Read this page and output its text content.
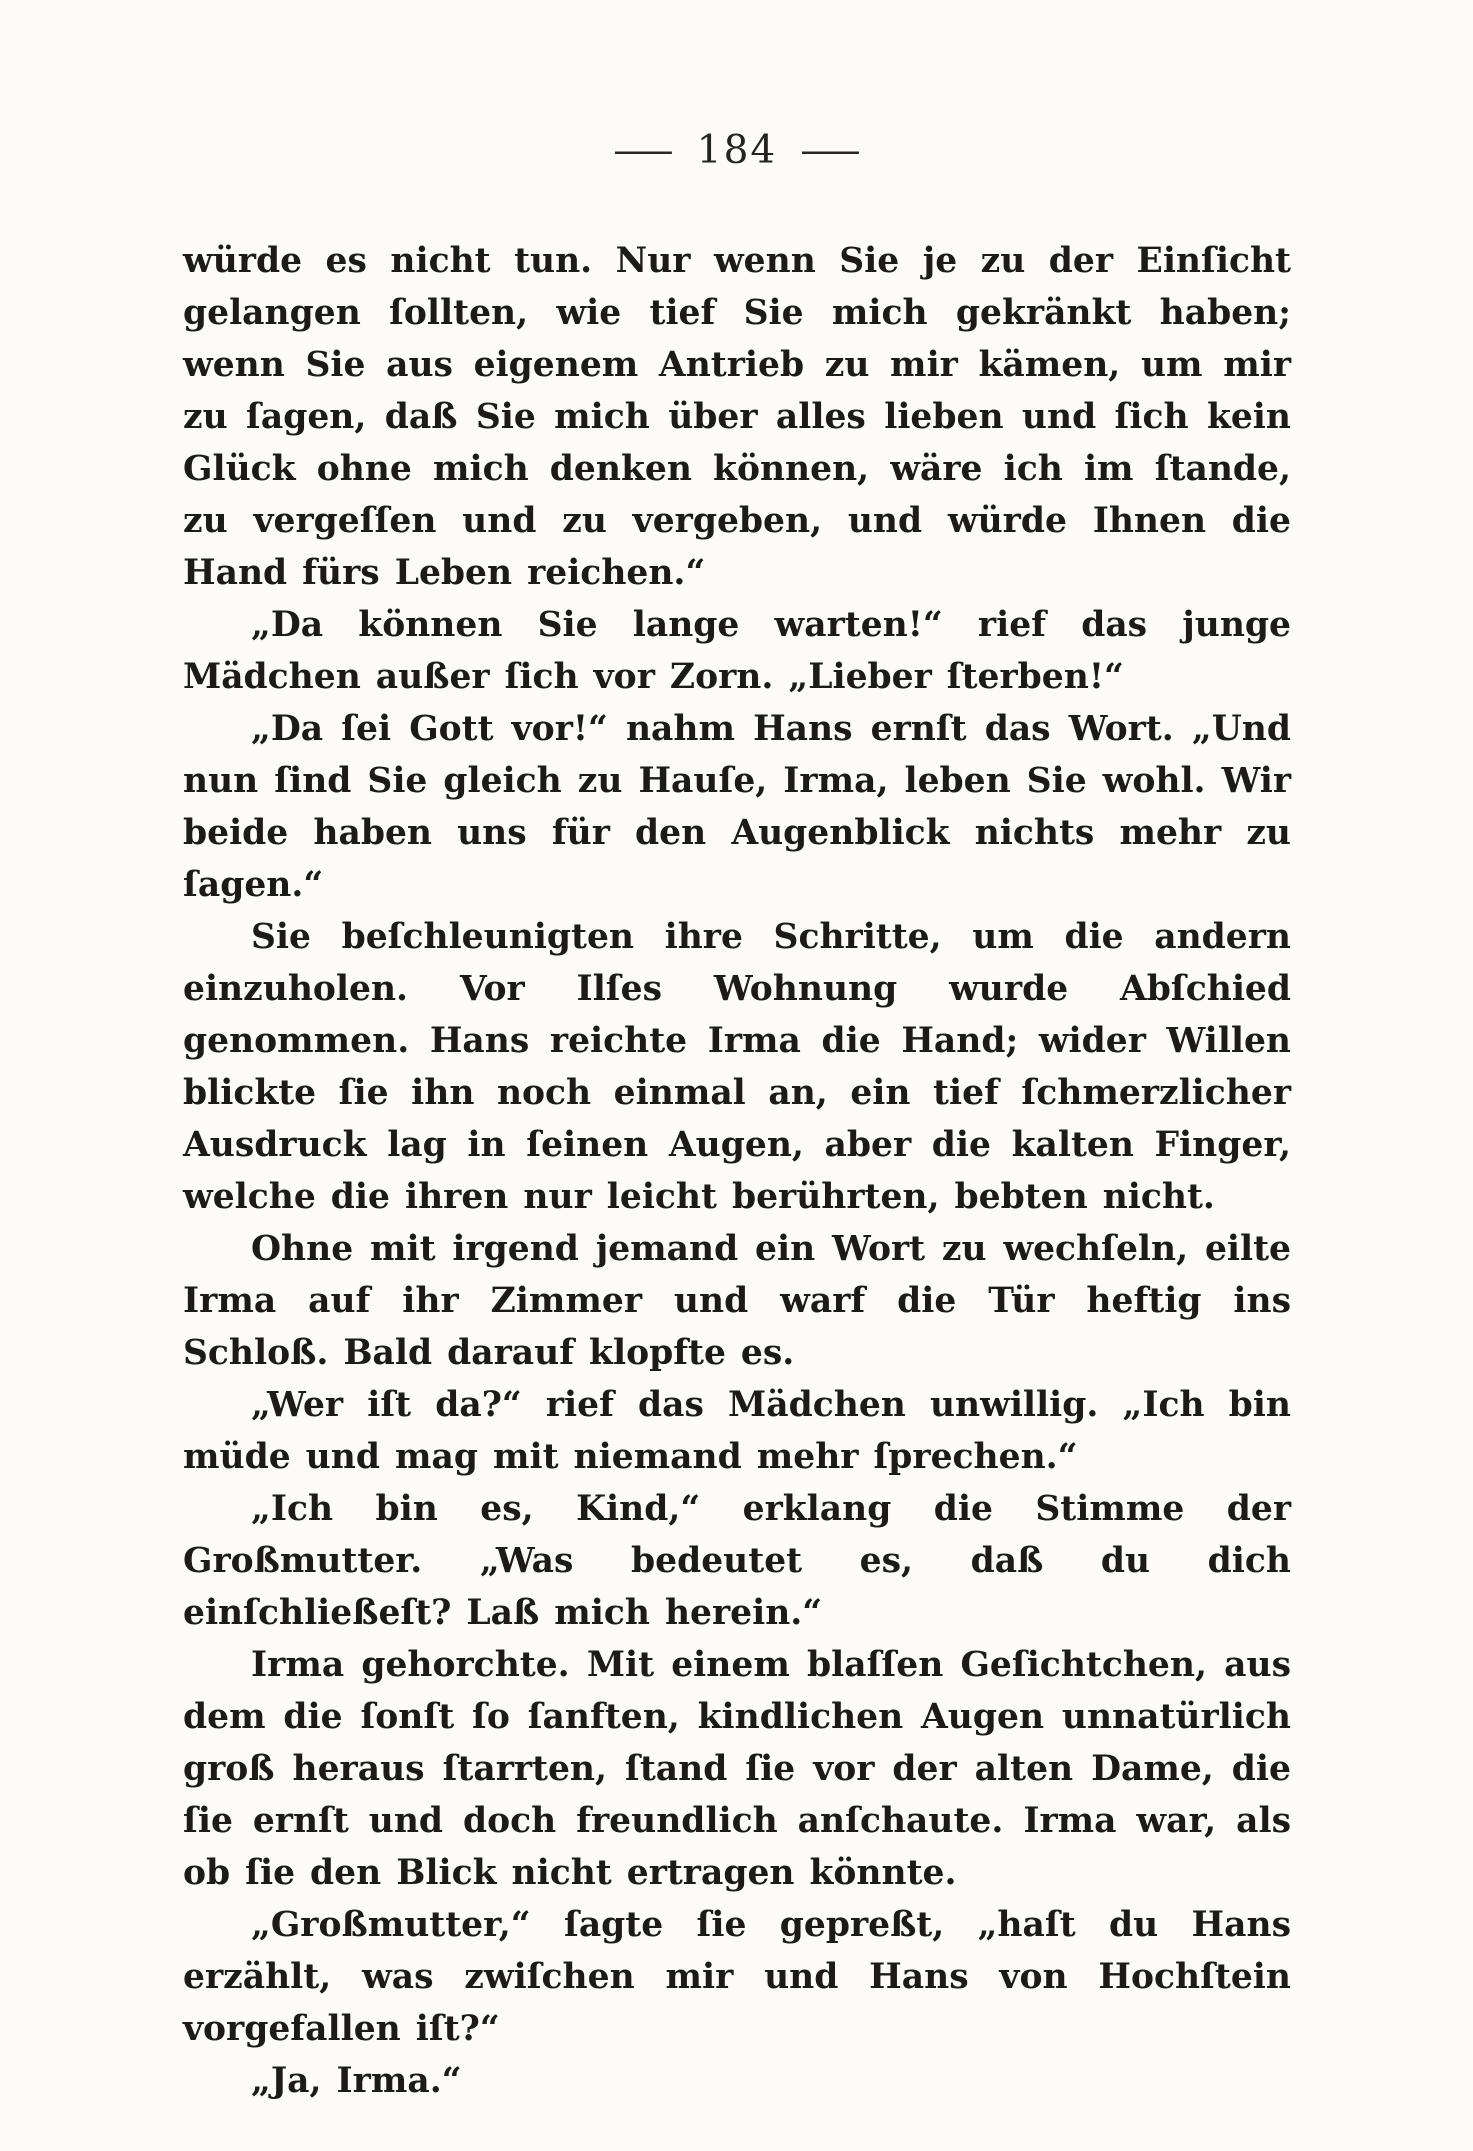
— 184 —

würde es nicht tun. Nur wenn Sie je zu der Einſicht gelangen ſollten, wie tief Sie mich gekränkt haben; wenn Sie aus eigenem Antrieb zu mir kämen, um mir zu ſagen, daß Sie mich über alles lieben und ſich kein Glück ohne mich denken können, wäre ich im ſtande, zu vergeſſen und zu vergeben, und würde Ihnen die Hand fürs Leben reichen.“

„Da können Sie lange warten!“ rief das junge Mädchen außer ſich vor Zorn. „Lieber ſterben!“

„Da ſei Gott vor!“ nahm Hans ernſt das Wort. „Und nun ſind Sie gleich zu Hauſe, Irma, leben Sie wohl. Wir beide haben uns für den Augenblick nichts mehr zu ſagen.“

Sie beſchleunigten ihre Schritte, um die andern einzuholen. Vor Ilſes Wohnung wurde Abſchied genommen. Hans reichte Irma die Hand; wider Willen blickte ſie ihn noch einmal an, ein tief ſchmerzlicher Ausdruck lag in ſeinen Augen, aber die kalten Finger, welche die ihren nur leicht berührten, bebten nicht.

Ohne mit irgend jemand ein Wort zu wechſeln, eilte Irma auf ihr Zimmer und warf die Tür heftig ins Schloß. Bald darauf klopfte es.

„Wer iſt da?“ rief das Mädchen unwillig. „Ich bin müde und mag mit niemand mehr ſprechen.“

„Ich bin es, Kind,“ erklang die Stimme der Großmutter. „Was bedeutet es, daß du dich einſchließeſt? Laß mich herein.“

Irma gehorchte. Mit einem blaſſen Geſichtchen, aus dem die ſonſt ſo ſanften, kindlichen Augen unnatürlich groß heraus ſtarrten, ſtand ſie vor der alten Dame, die ſie ernſt und doch freundlich anſchaute. Irma war, als ob ſie den Blick nicht ertragen könnte.

„Großmutter,“ ſagte ſie gepreßt, „haſt du Hans erzählt, was zwiſchen mir und Hans von Hochſtein vorgefallen iſt?“

„Ja, Irma.“
